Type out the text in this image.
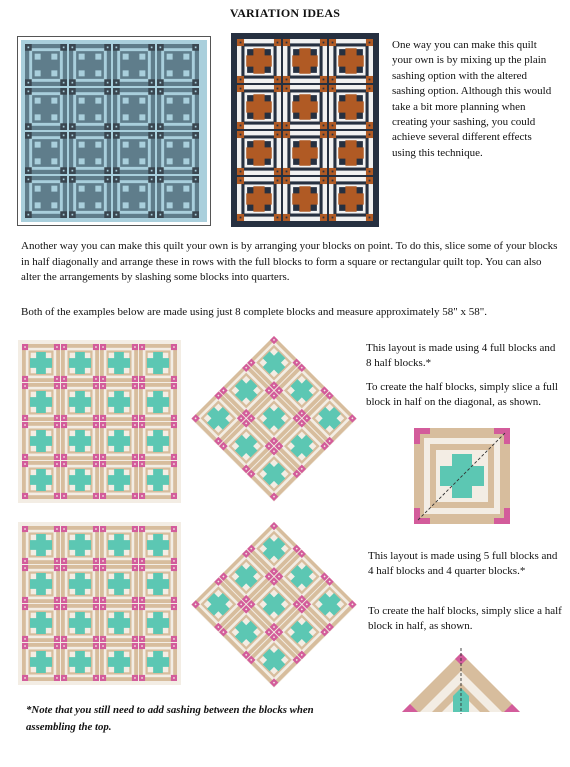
VARIATION IDEAS
One way you can make this quilt your own is by mixing up the plain sashing option with the altered sashing option. Although this would take a bit more planning when creating your sashing, you could achieve several different effects using this technique.
Another way you can make this quilt your own is by arranging your blocks on point. To do this, slice some of your blocks in half diagonally and arrange these in rows with the full blocks to form a square or rectangular quilt top. You can also alter the arrangements by slashing some blocks into quarters.
Both of the examples below are made using just 8 complete blocks and measure approximately 58" x 58".
This layout is made using 4 full blocks and 8 half blocks.*
To create the half blocks, simply slice a full block in half on the diagonal, as shown.
This layout is made using 5 full blocks and 4 half blocks and 4 quarter blocks.*
To create the half blocks, simply slice a half block in half, as shown.
*Note that you still need to add sashing between the blocks when assembling the top.
